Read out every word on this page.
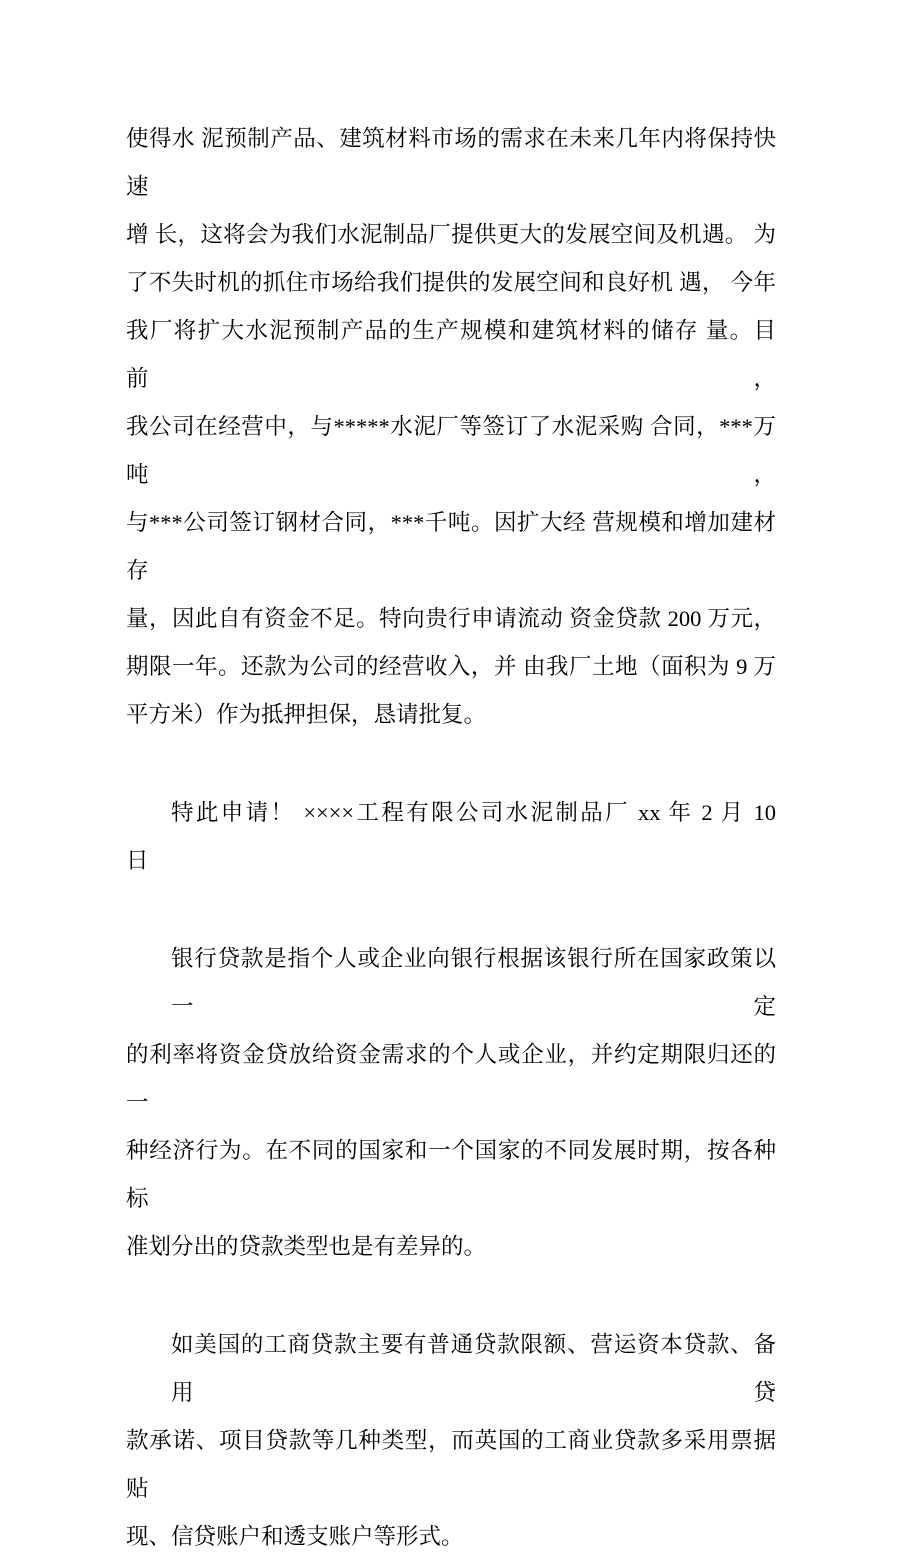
使得水 泥预制产品、建筑材料市场的需求在未来几年内将保持快速
增 长，这将会为我们水泥制品厂提供更大的发展空间及机遇。 为
了不失时机的抓住市场给我们提供的发展空间和良好机 遇， 今年
我厂将扩大水泥预制产品的生产规模和建筑材料的储存 量。目前，
我公司在经营中，与*****水泥厂等签订了水泥采购 合同，***万吨，
与***公司签订钢材合同，***千吨。因扩大经 营规模和增加建材存
量，因此自有资金不足。特向贵行申请流动 资金贷款 200 万元，
期限一年。还款为公司的经营收入，并 由我厂土地（面积为 9 万
平方米）作为抵押担保，恳请批复。
特此申请！ ××××工程有限公司水泥制品厂 xx 年 2 月 10
日
银行贷款是指个人或企业向银行根据该银行所在国家政策以一定
的利率将资金贷放给资金需求的个人或企业，并约定期限归还的一
种经济行为。在不同的国家和一个国家的不同发展时期，按各种标
准划分出的贷款类型也是有差异的。
如美国的工商贷款主要有普通贷款限额、营运资本贷款、备用贷
款承诺、项目贷款等几种类型，而英国的工商业贷款多采用票据贴
现、信贷账户和透支账户等形式。
